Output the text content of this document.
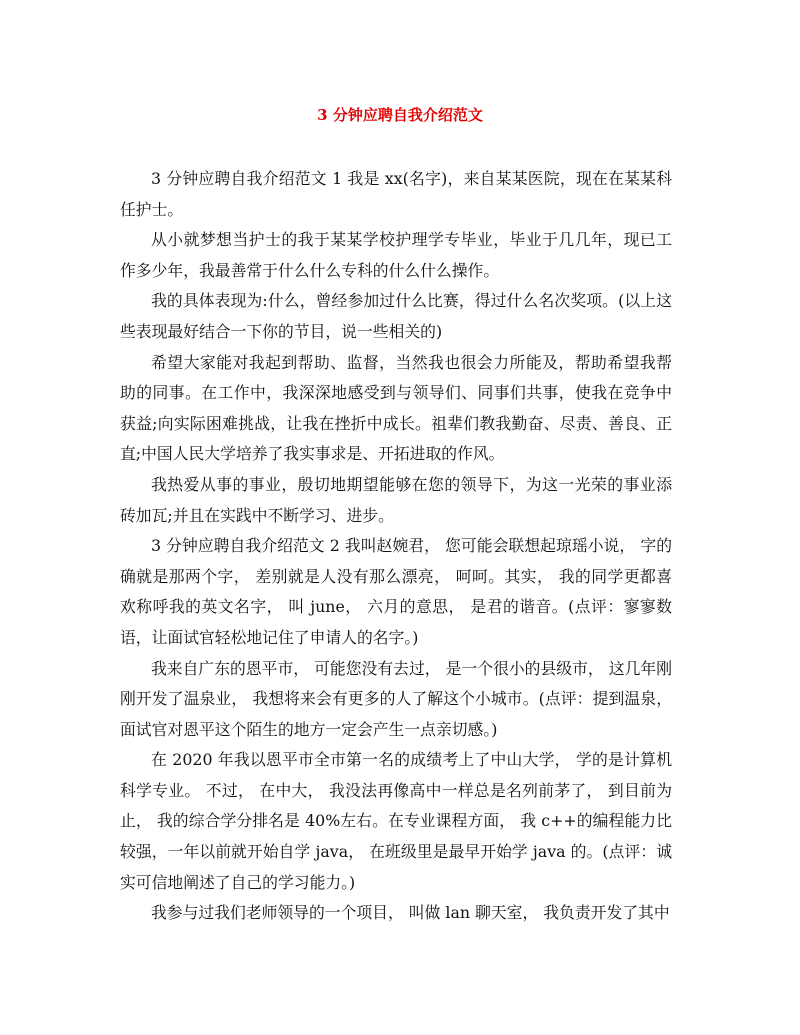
3 分钟应聘自我介绍范文

3 分钟应聘自我介绍范文 1 我是 xx(名字)，来自某某医院，现在在某某科任护士。

从小就梦想当护士的我于某某学校护理学专毕业，毕业于几几年，现已工作多少年，我最善常于什么什么专科的什么什么操作。

我的具体表现为:什么，曾经参加过什么比赛，得过什么名次奖项。(以上这些表现最好结合一下你的节目，说一些相关的)

希望大家能对我起到帮助、监督，当然我也很会力所能及，帮助希望我帮助的同事。在工作中，我深深地感受到与领导们、同事们共事，使我在竞争中获益;向实际困难挑战，让我在挫折中成长。祖辈们教我勤奋、尽责、善良、正直;中国人民大学培养了我实事求是、开拓进取的作风。

我热爱从事的事业，殷切地期望能够在您的领导下，为这一光荣的事业添砖加瓦;并且在实践中不断学习、进步。

3 分钟应聘自我介绍范文 2 我叫赵婉君， 您可能会联想起琼瑶小说， 字的确就是那两个字， 差别就是人没有那么漂亮， 呵呵。其实， 我的同学更都喜欢称呼我的英文名字， 叫 june， 六月的意思， 是君的谐音。(点评：寥寥数语，让面试官轻松地记住了申请人的名字。)

我来自广东的恩平市， 可能您没有去过， 是一个很小的县级市， 这几年刚刚开发了温泉业， 我想将来会有更多的人了解这个小城市。(点评：提到温泉，面试官对恩平这个陌生的地方一定会产生一点亲切感。)

在 2020 年我以恩平市全市第一名的成绩考上了中山大学， 学的是计算机科学专业。 不过， 在中大， 我没法再像高中一样总是名列前茅了， 到目前为止， 我的综合学分排名是 40%左右。在专业课程方面， 我 c++的编程能力比较强，一年以前就开始自学 java， 在班级里是最早开始学 java 的。(点评：诚实可信地阐述了自己的学习能力。)

我参与过我们老师领导的一个项目， 叫做 lan 聊天室， 我负责开发了其中
